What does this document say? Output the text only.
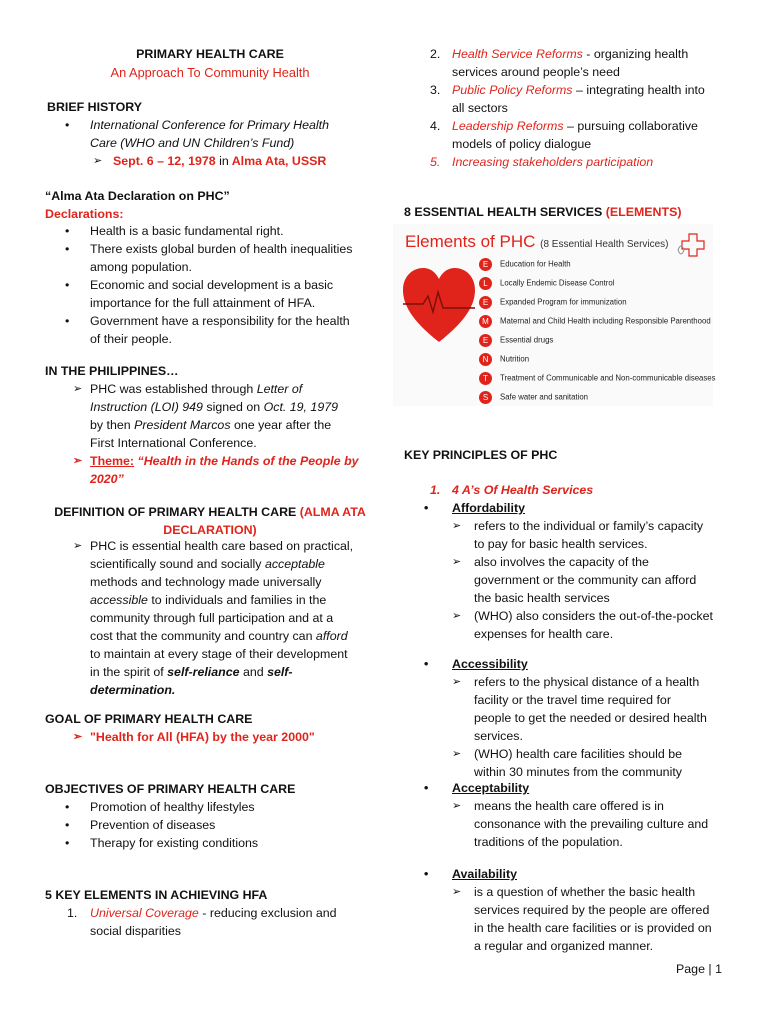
PRIMARY HEALTH CARE
An Approach To Community Health
BRIEF HISTORY
• International Conference for Primary Health
Care (WHO and UN Children’s Fund)
➢ Sept. 6 – 12, 1978 in Alma Ata, USSR
“Alma Ata Declaration on PHC”
Declarations:
• Health is a basic fundamental right.
• There exists global burden of health inequalities
among population.
• Economic and social development is a basic
importance for the full attainment of HFA.
• Government have a responsibility for the health
of their people.
IN THE PHILIPPINES…
➢ PHC was established through Letter of
Instruction (LOI) 949 signed on Oct. 19, 1979
by then President Marcos one year after the
First International Conference.
➢ Theme: “Health in the Hands of the People by
2020”
DEFINITION OF PRIMARY HEALTH CARE (ALMA ATA
DECLARATION)
➢ PHC is essential health care based on practical,
scientifically sound and socially acceptable
methods and technology made universally
accessible to individuals and families in the
community through full participation and at a
cost that the community and country can afford
to maintain at every stage of their development
in the spirit of self-reliance and self-
determination.
GOAL OF PRIMARY HEALTH CARE
➢ "Health for All (HFA) by the year 2000"
OBJECTIVES OF PRIMARY HEALTH CARE
• Promotion of healthy lifestyles
• Prevention of diseases
• Therapy for existing conditions
5 KEY ELEMENTS IN ACHIEVING HFA
1. Universal Coverage - reducing exclusion and
social disparities
2. Health Service Reforms - organizing health
services around people’s need
3. Public Policy Reforms – integrating health into
all sectors
4. Leadership Reforms – pursuing collaborative
models of policy dialogue
5. Increasing stakeholders participation
8 ESSENTIAL HEALTH SERVICES (ELEMENTS)
Elements of PHC (8 Essential Health Services)
E Education for Health
L Locally Endemic Disease Control
E Expanded Program for immunization
M Maternal and Child Health including Responsible Parenthood
E Essential drugs
N Nutrition
T Treatment of Communicable and Non-communicable diseases
S Safe water and sanitation
KEY PRINCIPLES OF PHC
1. 4 A’s Of Health Services
• Affordability
➢ refers to the individual or family’s capacity
to pay for basic health services.
➢ also involves the capacity of the
government or the community can afford
the basic health services
➢ (WHO) also considers the out-of-the-pocket
expenses for health care.
• Accessibility
➢ refers to the physical distance of a health
facility or the travel time required for
people to get the needed or desired health
services.
➢ (WHO) health care facilities should be
within 30 minutes from the community
• Acceptability
➢ means the health care offered is in
consonance with the prevailing culture and
traditions of the population.
• Availability
➢ is a question of whether the basic health
services required by the people are offered
in the health care facilities or is provided on
a regular and organized manner.
Page | 1
